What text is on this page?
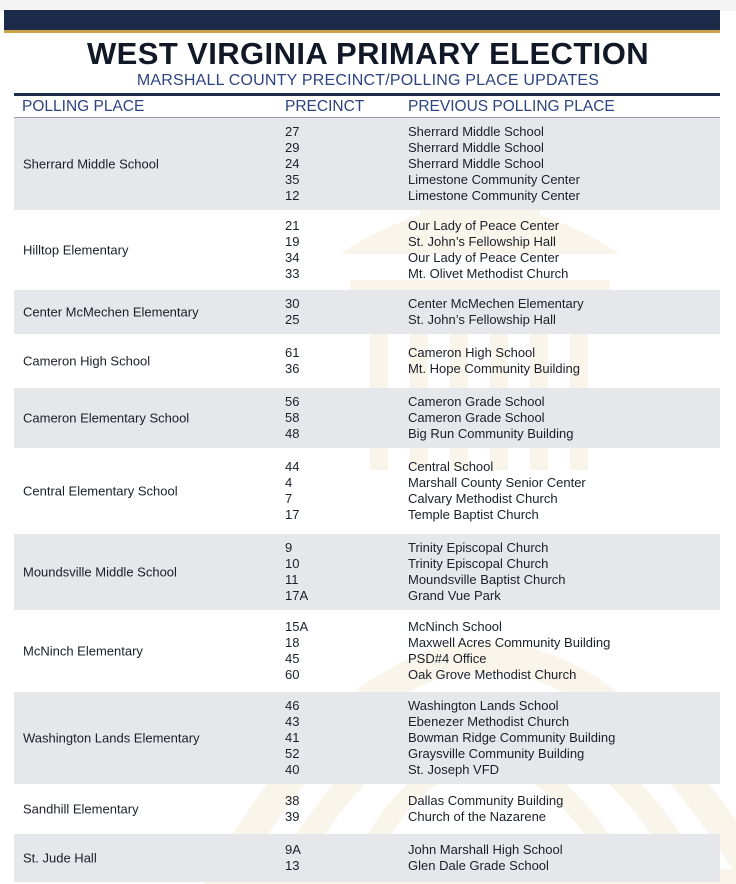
WEST VIRGINIA PRIMARY ELECTION
MARSHALL COUNTY PRECINCT/POLLING PLACE UPDATES
POLLING PLACE	PRECINCT	PREVIOUS POLLING PLACE
Sherrard Middle School
27
29
24
35
12
Sherrard Middle School
Sherrard Middle School
Sherrard Middle School
Limestone Community Center
Limestone Community Center
Hilltop Elementary
21
19
34
33
Our Lady of Peace Center
St. John’s Fellowship Hall
Our Lady of Peace Center
Mt. Olivet Methodist Church
Center McMechen Elementary
30
25
Center McMechen Elementary
St. John’s Fellowship Hall
Cameron High School
61
36
Cameron High School
Mt. Hope Community Building
Cameron Elementary School
56
58
48
Cameron Grade School
Cameron Grade School
Big Run Community Building
Central Elementary School
44
4
7
17
Central School
Marshall County Senior Center
Calvary Methodist Church
Temple Baptist Church
Moundsville Middle School
9
10
11
17A
Trinity Episcopal Church
Trinity Episcopal Church
Moundsville Baptist Church
Grand Vue Park
McNinch Elementary
15A
18
45
60
McNinch School
Maxwell Acres Community Building
PSD#4 Office
Oak Grove Methodist Church
Washington Lands Elementary
46
43
41
52
40
Washington Lands School
Ebenezer Methodist Church
Bowman Ridge Community Building
Graysville Community Building
St. Joseph VFD
Sandhill Elementary
38
39
Dallas Community Building
Church of the Nazarene
St. Jude Hall
9A
13
John Marshall High School
Glen Dale Grade School
